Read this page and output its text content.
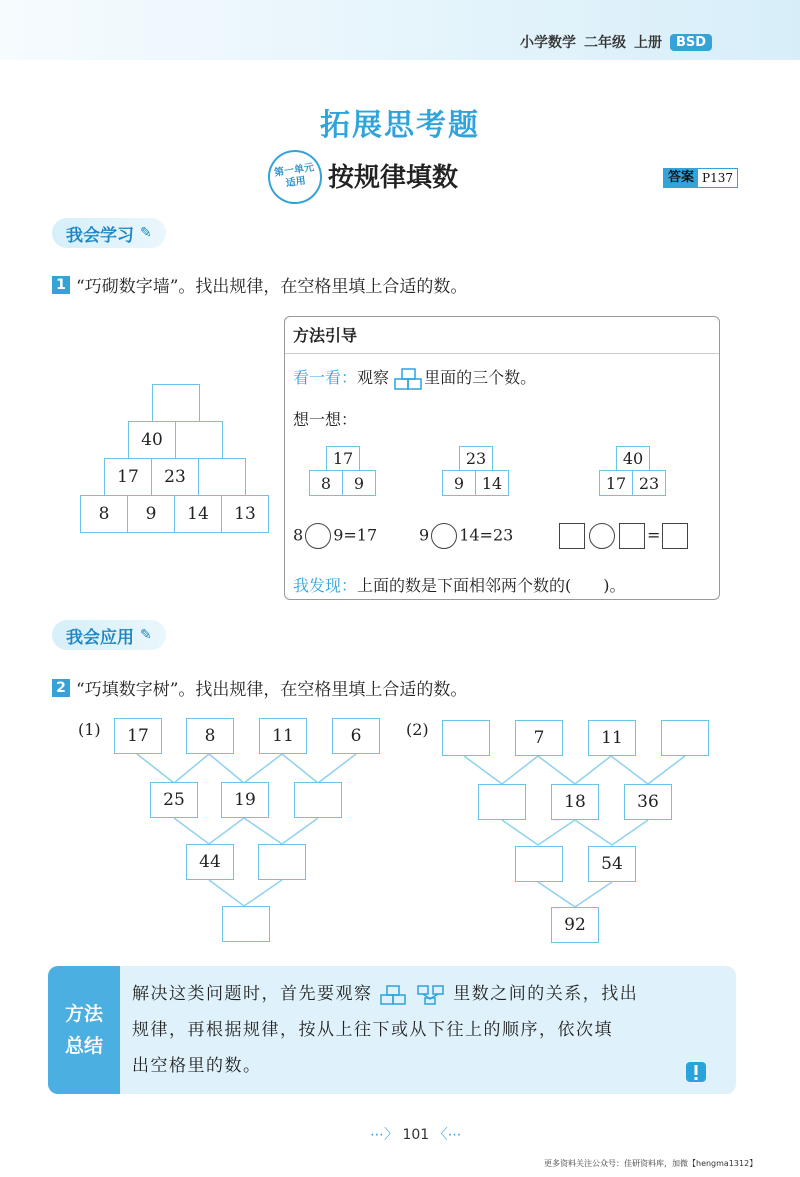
小学数学 二年级 上册	BSD
拓展思考题
第一单元
适用 按规律填数	答案 P137
我会学习 ✎
1 “巧砌数字墙”。找出规律，在空格里填上合适的数。
40
17	23
8	9	14	13
方法引导
看一看：观察 里面的三个数。
想一想：
17
8	9
23
9	14
40
17 23
8 9=17	9 14=23	=
我发现：上面的数是下面相邻两个数的(　　)。
我会应用 ✎
2 “巧填数字树”。找出规律，在空格里填上合适的数。
(1)	17	8	11	6
25	19
44
(2)	7	11
18	36
54
92
方法
总结
解决这类问题时，首先要观察	里数之间的关系，找出
规律，再根据规律，按从上往下或从下往上的顺序，依次填
出空格里的数。
⋯〉 101 〈⋯
更多资料关注公众号：佳研资料库，加微【hengma1312】
